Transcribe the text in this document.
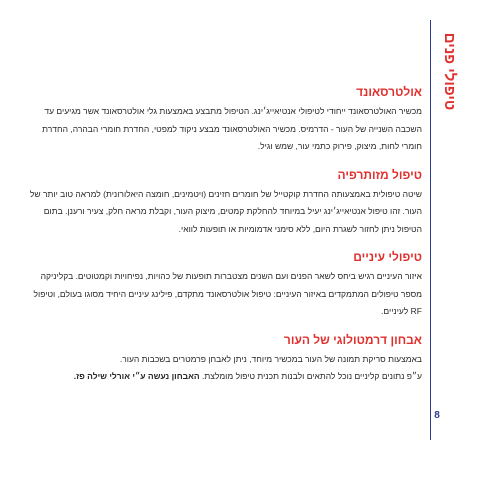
טיפולי פנים
8

אולטרסאונד

מכשיר האולטרסאונד ייחודי לטיפולי אנטיאייג׳ינג. הטיפול מתבצע באמצעות גלי אולטרסאונד אשר מגיעים עד השכבה השנייה של העור - הדרמיס. מכשיר האולטרסאונד מבצע ניקוד למפטי, החדרת חומרי הבהרה, החדרת חומרי לחות, מיצוק, פירוק כתמי עור, שמש וגיל.

טיפול מזותרפיה

שיטה טיפולית באמצעותה החדרת קוקטייל של חומרים חזינים (ויטמינים, חומצה היאלורונית) למראה טוב יותר של העור. זהו טיפול אנטיאייג׳ינג יעיל במיוחד להחלקת קמטים, מיצוק העור, וקבלת מראה חלק, צעיר ורענן. בתום הטיפול ניתן לחזור לשגרת היום, ללא סימני אדמומיות או תופעות לוואי.

טיפולי עיניים

איזור העיניים רגיש ביחס לשאר הפנים ועם השנים מצטברות תופעות של כהויות, נפיחויות וקמטוטים. בקליניקה מספר טיפולים המתמקדים באיזור העיניים: טיפול אולטרסאונד מתקדם, פילינג עיניים היחיד מסוגו בעולם, וטיפול RF לעיניים.

אבחון דרמטולוגי של העור

באמצעות סריקת תמונה של העור במכשיר מיוחד, ניתן לאבחן פרמטרים בשכבות העור.

ע״פ נתונים קליניים נוכל להתאים ולבנות תכנית טיפול מומלצת. האבחון נעשה ע״י אורלי שילה פז.
